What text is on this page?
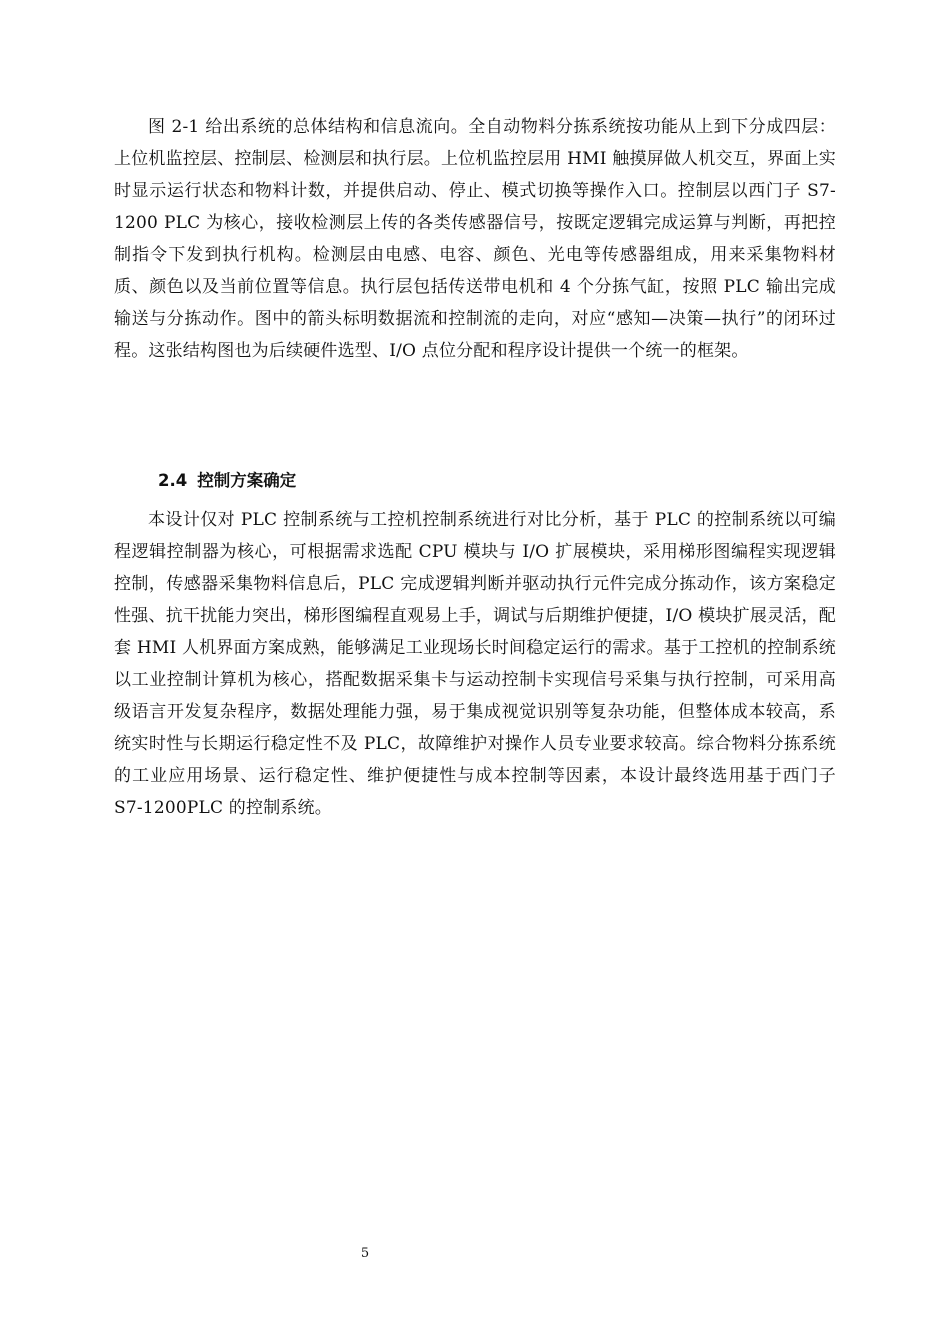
图 2-1 给出系统的总体结构和信息流向。全自动物料分拣系统按功能从上到下分成四层：上位机监控层、控制层、检测层和执行层。上位机监控层用 HMI 触摸屏做人机交互，界面上实时显示运行状态和物料计数，并提供启动、停止、模式切换等操作入口。控制层以西门子 S7-1200 PLC 为核心，接收检测层上传的各类传感器信号，按既定逻辑完成运算与判断，再把控制指令下发到执行机构。检测层由电感、电容、颜色、光电等传感器组成，用来采集物料材质、颜色以及当前位置等信息。执行层包括传送带电机和 4 个分拣气缸，按照 PLC 输出完成输送与分拣动作。图中的箭头标明数据流和控制流的走向，对应“感知—决策—执行”的闭环过程。这张结构图也为后续硬件选型、I/O 点位分配和程序设计提供一个统一的框架。

2.4 控制方案确定

本设计仅对 PLC 控制系统与工控机控制系统进行对比分析，基于 PLC 的控制系统以可编程逻辑控制器为核心，可根据需求选配 CPU 模块与 I/O 扩展模块，采用梯形图编程实现逻辑控制，传感器采集物料信息后，PLC 完成逻辑判断并驱动执行元件完成分拣动作，该方案稳定性强、抗干扰能力突出，梯形图编程直观易上手，调试与后期维护便捷，I/O 模块扩展灵活，配套 HMI 人机界面方案成熟，能够满足工业现场长时间稳定运行的需求。基于工控机的控制系统以工业控制计算机为核心，搭配数据采集卡与运动控制卡实现信号采集与执行控制，可采用高级语言开发复杂程序，数据处理能力强，易于集成视觉识别等复杂功能，但整体成本较高，系统实时性与长期运行稳定性不及 PLC，故障维护对操作人员专业要求较高。综合物料分拣系统的工业应用场景、运行稳定性、维护便捷性与成本控制等因素，本设计最终选用基于西门子 S7-1200PLC 的控制系统。

5
